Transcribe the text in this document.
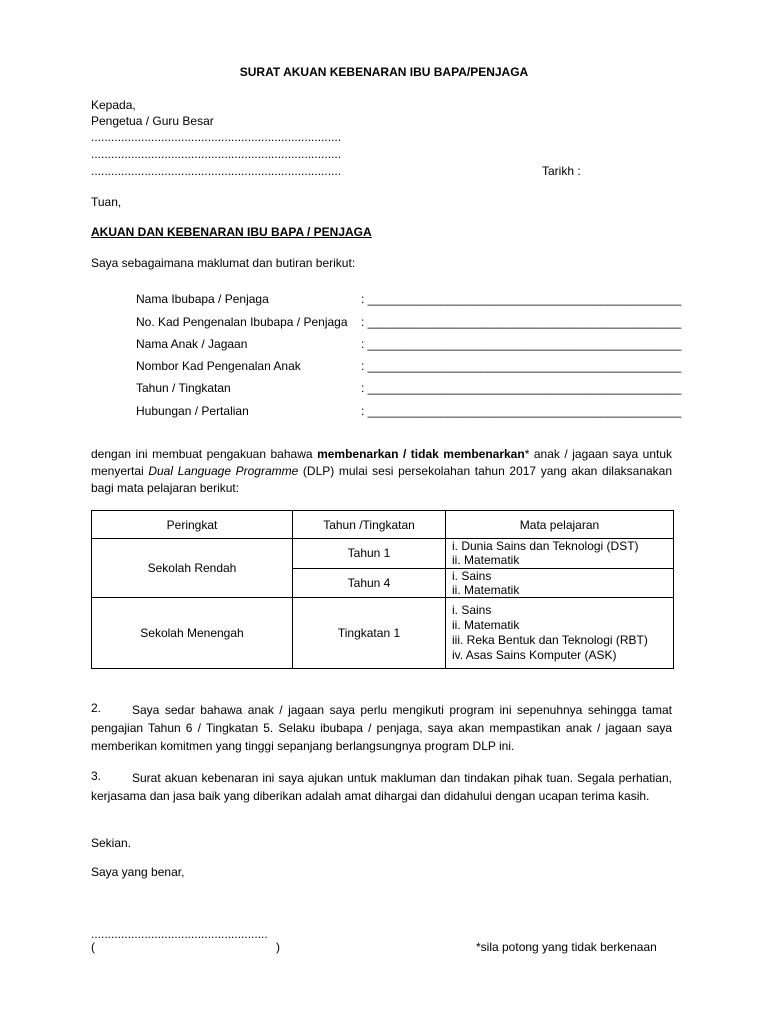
SURAT AKUAN KEBENARAN IBU BAPA/PENJAGA
Kepada,
Pengetua / Guru Besar
...........................................................................
...........................................................................
...........................................................................	Tarikh :
Tuan,
AKUAN DAN KEBENARAN IBU BAPA / PENJAGA
Saya sebagaimana maklumat dan butiran berikut:
Nama Ibubapa / Penjaga	: _______________________________________________
No. Kad Pengenalan Ibubapa / Penjaga : _______________________________________________
Nama Anak / Jagaan	: _______________________________________________
Nombor Kad Pengenalan Anak	: _______________________________________________
Tahun / Tingkatan	: _______________________________________________
Hubungan / Pertalian	: _______________________________________________
dengan ini membuat pengakuan bahawa membenarkan / tidak membenarkan* anak / jagaan saya untuk menyertai Dual Language Programme (DLP) mulai sesi persekolahan tahun 2017 yang akan dilaksanakan bagi mata pelajaran berikut:
Peringkat	Tahun /Tingkatan	Mata pelajaran
Sekolah Rendah	Tahun 1	i. Dunia Sains dan Teknologi (DST)
ii. Matematik

	Tahun 4	i. Sains
ii. Matematik

Sekolah Menengah	Tingkatan 1	i. Sains
ii. Matematik
iii. Reka Bentuk dan Teknologi (RBT)
iv. Asas Sains Komputer (ASK)
2.	Saya sedar bahawa anak / jagaan saya perlu mengikuti program ini sepenuhnya sehingga tamat pengajian Tahun 6 / Tingkatan 5. Selaku ibubapa / penjaga, saya akan mempastikan anak / jagaan saya memberikan komitmen yang tinggi sepanjang berlangsungnya program DLP ini.
3.	Surat akuan kebenaran ini saya ajukan untuk makluman dan tindakan pihak tuan. Segala perhatian, kerjasama dan jasa baik yang diberikan adalah amat dihargai dan didahului dengan ucapan terima kasih.
Sekian.
Saya yang benar,
.....................................................
(	)	*sila potong yang tidak berkenaan
